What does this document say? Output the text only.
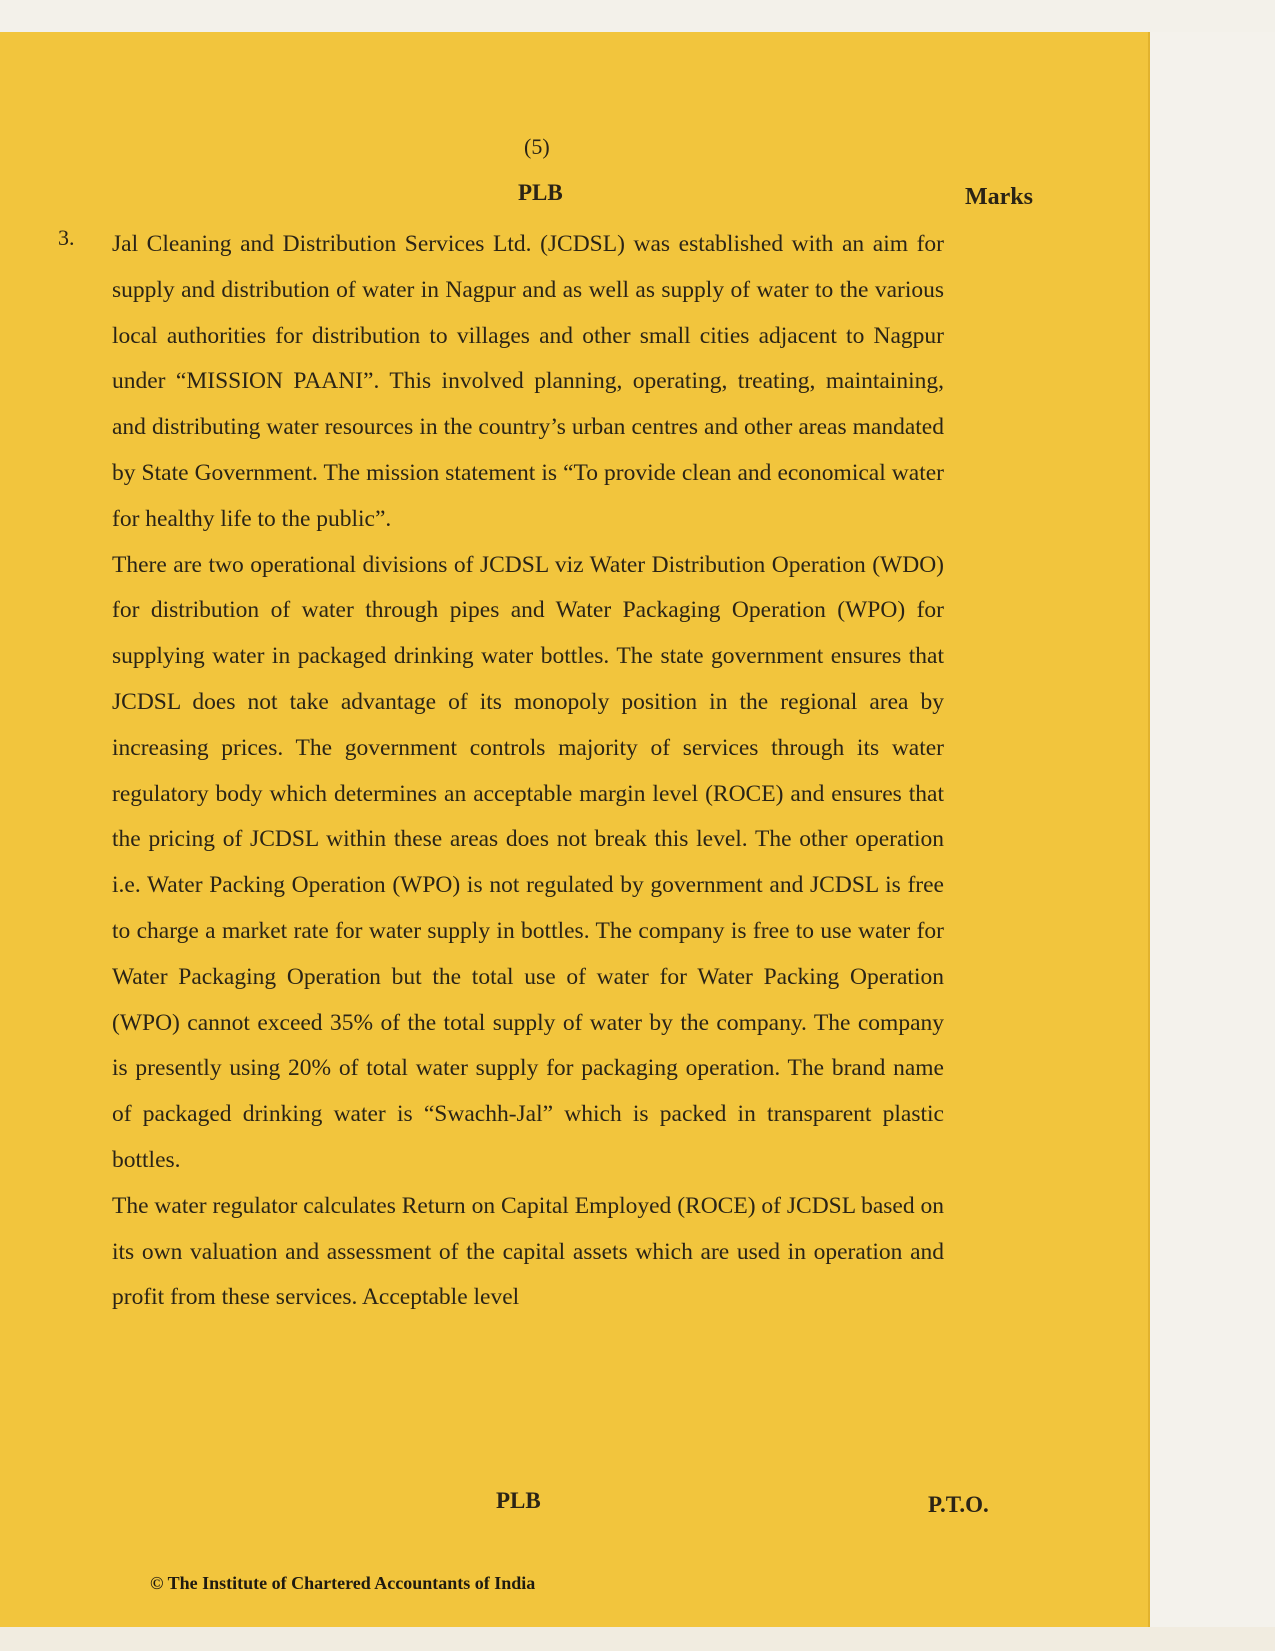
(5)
PLB	Marks
3. Jal Cleaning and Distribution Services Ltd. (JCDSL) was established with an aim for supply and distribution of water in Nagpur and as well as supply of water to the various local authorities for distribution to villages and other small cities adjacent to Nagpur under “MISSION PAANI”. This involved planning, operating, treating, maintaining, and distributing water resources in the country’s urban centres and other areas mandated by State Government. The mission statement is “To provide clean and economical water for healthy life to the public”.

There are two operational divisions of JCDSL viz Water Distribution Operation (WDO) for distribution of water through pipes and Water Packaging Operation (WPO) for supplying water in packaged drinking water bottles. The state government ensures that JCDSL does not take advantage of its monopoly position in the regional area by increasing prices. The government controls majority of services through its water regulatory body which determines an acceptable margin level (ROCE) and ensures that the pricing of JCDSL within these areas does not break this level. The other operation i.e. Water Packing Operation (WPO) is not regulated by government and JCDSL is free to charge a market rate for water supply in bottles. The company is free to use water for Water Packaging Operation but the total use of water for Water Packing Operation (WPO) cannot exceed 35% of the total supply of water by the company. The company is presently using 20% of total water supply for packaging operation. The brand name of packaged drinking water is “Swachh-Jal” which is packed in transparent plastic bottles.

The water regulator calculates Return on Capital Employed (ROCE) of JCDSL based on its own valuation and assessment of the capital assets which are used in operation and profit from these services. Acceptable level

PLB	P.T.O.
© The Institute of Chartered Accountants of India
